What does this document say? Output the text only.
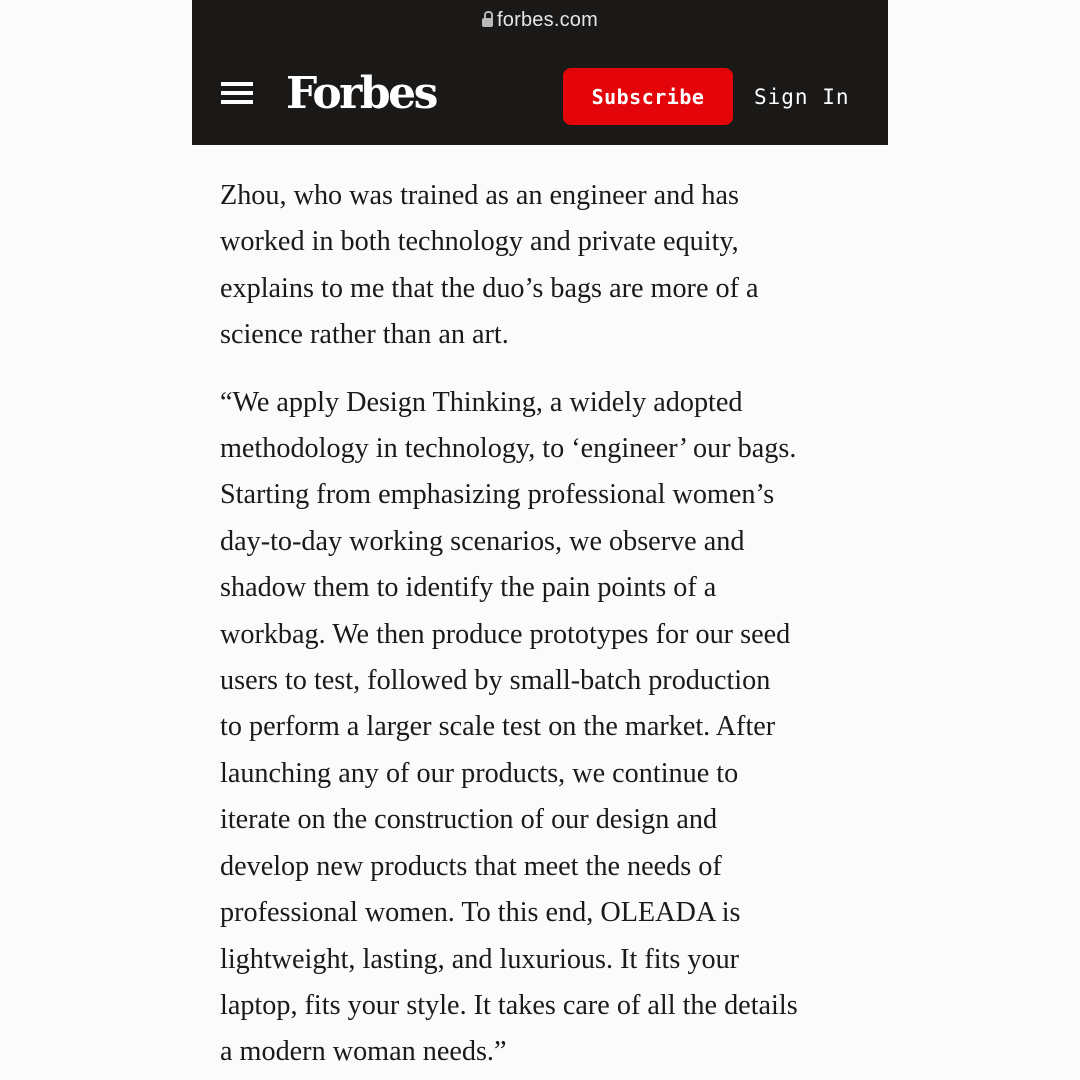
forbes.com
Forbes	Subscribe	Sign In

Zhou, who was trained as an engineer and has
worked in both technology and private equity,
explains to me that the duo’s bags are more of a
science rather than an art.

“We apply Design Thinking, a widely adopted
methodology in technology, to ‘engineer’ our bags.
Starting from emphasizing professional women’s
day-to-day working scenarios, we observe and
shadow them to identify the pain points of a
workbag. We then produce prototypes for our seed
users to test, followed by small-batch production
to perform a larger scale test on the market. After
launching any of our products, we continue to
iterate on the construction of our design and
develop new products that meet the needs of
professional women. To this end, OLEADA is
lightweight, lasting, and luxurious. It fits your
laptop, fits your style. It takes care of all the details
a modern woman needs.”
